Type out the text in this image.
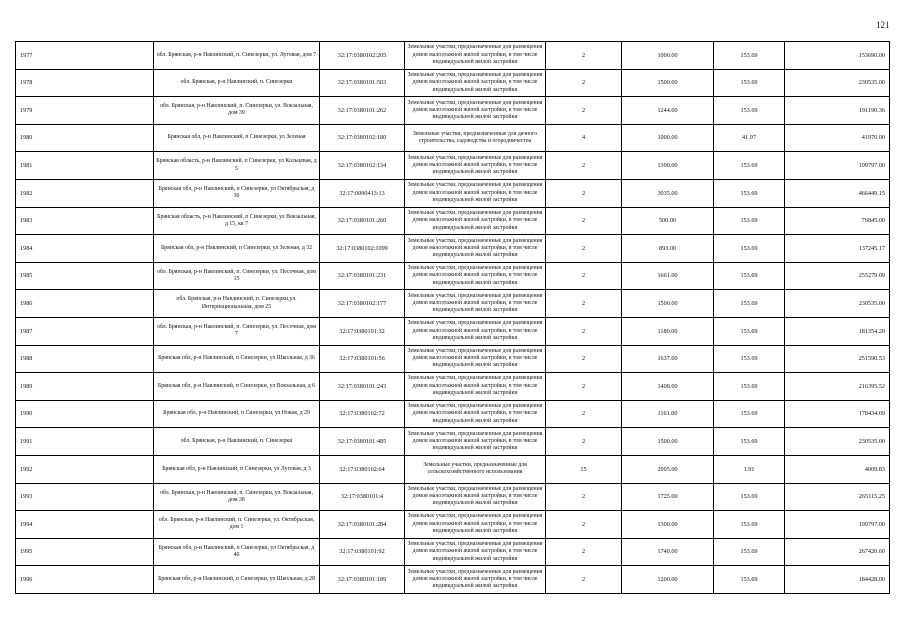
121
1977	обл. Брянская, р-н Навлинский, п. Синезерки, ул. Луговая, дом 7	32:17:0380102:205	Земельные участки, предназначенные для размещения домов малоэтажной жилой застройки, в том числе индивидуальной жилой застройки	2	1000.00	153.69	153690.00
1978	обл. Брянская, р-н Навлинский, п. Синезерки	32:17:0380101:503	Земельные участки, предназначенные для размещения домов малоэтажной жилой застройки, в том числе индивидуальной жилой застройки	2	1500.00	153.69	230535.00
1979	обл. Брянская, р-н Навлинский, п. Синезерки, ул. Вокзальная, дом 39	32:17:0380101:262	Земельные участки, предназначенные для размещения домов малоэтажной жилой застройки, в том числе индивидуальной жилой застройки	2	1244.00	153.69	191190.36
1980	Брянская обл, р-н Навлинский, п Синезерки, ул Зеленая	32:17:0380102:180	Земельные участки, предназначенные для дачного строительства, садоводства и огородничества	4	1000.00	41.97	41970.00
1981	Брянская область, р-н Навлинский, п Синезерки, ул Кольцевая, д 5	32:17:0380102:134	Земельные участки, предназначенные для размещения домов малоэтажной жилой застройки, в том числе индивидуальной жилой застройки	2	1300.00	153.69	199797.00
1982	Брянская обл, р-н Навлинский, п Синезерки, ул Октябрьская, д 30	32:17:0090413:13	Земельные участки, предназначенные для размещения домов малоэтажной жилой застройки, в том числе индивидуальной жилой застройки	2	3035.00	153.69	466449.15
1983	Брянская область, р-н Навлинский, п Синезерки, ул Вокзальная, д 15, кв 7	32:17:0380101:260	Земельные участки, предназначенные для размещения домов малоэтажной жилой застройки, в том числе индивидуальной жилой застройки	2	500.00	153.69	76845.00
1984	Брянская обл, р-н Навлинский, п Синезерки, ул Зеленая, д 32	32:17:0380102:1099	Земельные участки, предназначенные для размещения домов малоэтажной жилой застройки, в том числе индивидуальной жилой застройки	2	893.00	153.69	137245.17
1985	обл. Брянская, р-н Навлинский, п. Синезерки, ул. Песочная, дом 15	32:17:0380101:231	Земельные участки, предназначенные для размещения домов малоэтажной жилой застройки, в том числе индивидуальной жилой застройки	2	1661.00	153.69	255279.09
1986	обл. Брянская, р-н Навлинский, п. Синезерки,ул. Интернациональная, дом 25	32:17:0380102:177	Земельные участки, предназначенные для размещения домов малоэтажной жилой застройки, в том числе индивидуальной жилой застройки	2	1500.00	153.69	230535.00
1987	обл. Брянская, р-н Навлинский, п. Синезерки, ул. Песочная, дом 7	32:17:0380101:32	Земельные участки, предназначенные для размещения домов малоэтажной жилой застройки, в том числе индивидуальной жилой застройки	2	1180.00	153.69	181354.20
1988	Брянская обл, р-н Навлинский, п Синезерки, ул Школьная, д 36	32:17:0380101:56	Земельные участки, предназначенные для размещения домов малоэтажной жилой застройки, в том числе индивидуальной жилой застройки	2	1637.00	153.69	251590.53
1989	Брянская обл, р-н Навлинский, п Синезерки, ул Вокзальная, д 6	32:17:0380101:243	Земельные участки, предназначенные для размещения домов малоэтажной жилой застройки, в том числе индивидуальной жилой застройки	2	1408.00	153.69	216395.52
1990	Брянская обл, р-н Навлинский, п Синезерки, ул Новая, д 29	32:17:0380102:72	Земельные участки, предназначенные для размещения домов малоэтажной жилой застройки, в том числе индивидуальной жилой застройки	2	1161.00	153.69	178434.09
1991	обл. Брянская, р-н Навлинский, п. Синезерки	32:17:0380101:485	Земельные участки, предназначенные для размещения домов малоэтажной жилой застройки, в том числе индивидуальной жилой застройки	2	1500.00	153.69	230535.00
1992	Брянская обл, р-н Навлинский, п Синезерки, ул Луговая, д 3	32:17:0380102:64	Земельные участки, предназначенные для сельскохозяйственного использования	15	2095.00	1.91	4009.83
1993	обл. Брянская, р-н Навлинский, п. Синезерки, ул. Вокзальная, дом 38	32:17:0380101:4	Земельные участки, предназначенные для размещения домов малоэтажной жилой застройки, в том числе индивидуальной жилой застройки	2	1725.00	153.69	265115.25
1994	обл. Брянская, р-н Навлинский, п. Синезерки, ул. Октябрьская, дом 1	32:17:0380101:284	Земельные участки, предназначенные для размещения домов малоэтажной жилой застройки, в том числе индивидуальной жилой застройки	2	1300.00	153.69	199797.00
1995	Брянская обл, р-н Навлинский, п Синезерки, ул Октябрьская, д 40	32:17:0380101:92	Земельные участки, предназначенные для размещения домов малоэтажной жилой застройки, в том числе индивидуальной жилой застройки	2	1740.00	153.69	267420.60
1996	Брянская обл, р-н Навлинский, п Синезерки, ул Школьная, д 28	32:17:0380101:189	Земельные участки, предназначенные для размещения домов малоэтажной жилой застройки, в том числе индивидуальной жилой застройки	2	1200.00	153.69	184428.00
